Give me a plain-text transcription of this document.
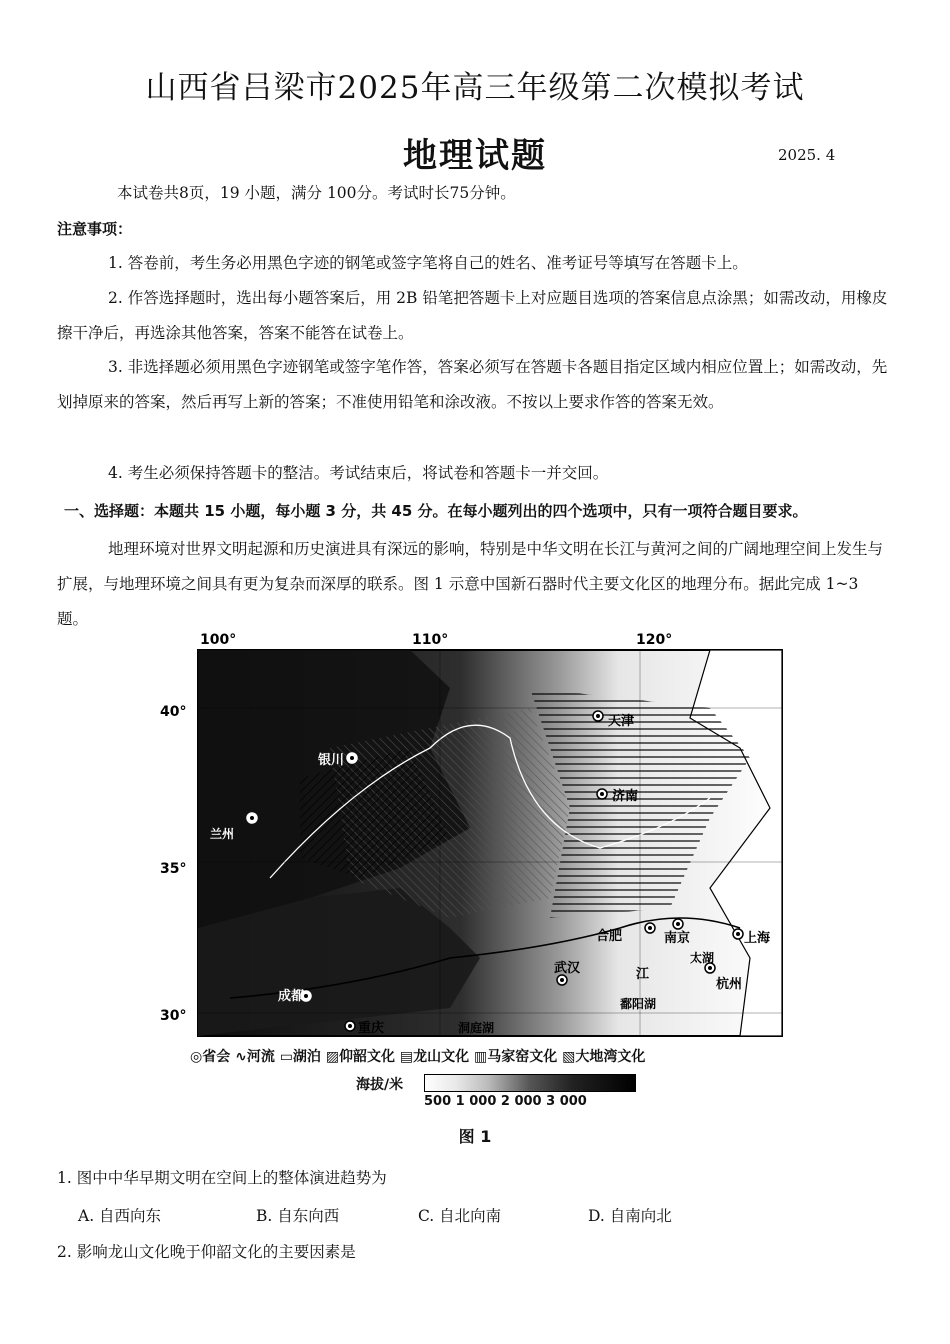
山西省吕梁市2025年高三年级第二次模拟考试
地理试题	2025. 4
本试卷共8页，19 小题，满分 100分。考试时长75分钟。
注意事项：
1. 答卷前，考生务必用黑色字迹的钢笔或签字笔将自己的姓名、准考证号等填写在答题卡上。
2. 作答选择题时，选出每小题答案后，用 2B 铅笔把答题卡上对应题目选项的答案信息点涂黑；如需改动，用橡皮擦干净后，再选涂其他答案，答案不能答在试卷上。
3. 非选择题必须用黑色字迹钢笔或签字笔作答，答案必须写在答题卡各题目指定区域内相应位置上；如需改动，先划掉原来的答案，然后再写上新的答案；不准使用铅笔和涂改液。不按以上要求作答的答案无效。
4. 考生必须保持答题卡的整洁。考试结束后，将试卷和答题卡一并交回。
一、选择题：本题共 15 小题，每小题 3 分，共 45 分。在每小题列出的四个选项中，只有一项符合题目要求。
地理环境对世界文明起源和历史演进具有深远的影响，特别是中华文明在长江与黄河之间的广阔地理空间上发生与扩展，与地理环境之间具有更为复杂而深厚的联系。图 1 示意中国新石器时代主要文化区的地理分布。据此完成 1~3 题。
100°	110°	120°
40°
35°
30°
天津
银川
济南
合肥	南京	上海
武汉
杭州
重庆
成都
兰州
太湖
洞庭湖
鄱阳湖
江
◎省会 ∿河流 ▭湖泊 ▨仰韶文化 ▤龙山文化 ▥马家窑文化 ▧大地湾文化
海拔/米
500 1 000 2 000 3 000
图 1
1. 图中中华早期文明在空间上的整体演进趋势为
A. 自西向东	B. 自东向西	C. 自北向南	D. 自南向北
2. 影响龙山文化晚于仰韶文化的主要因素是
